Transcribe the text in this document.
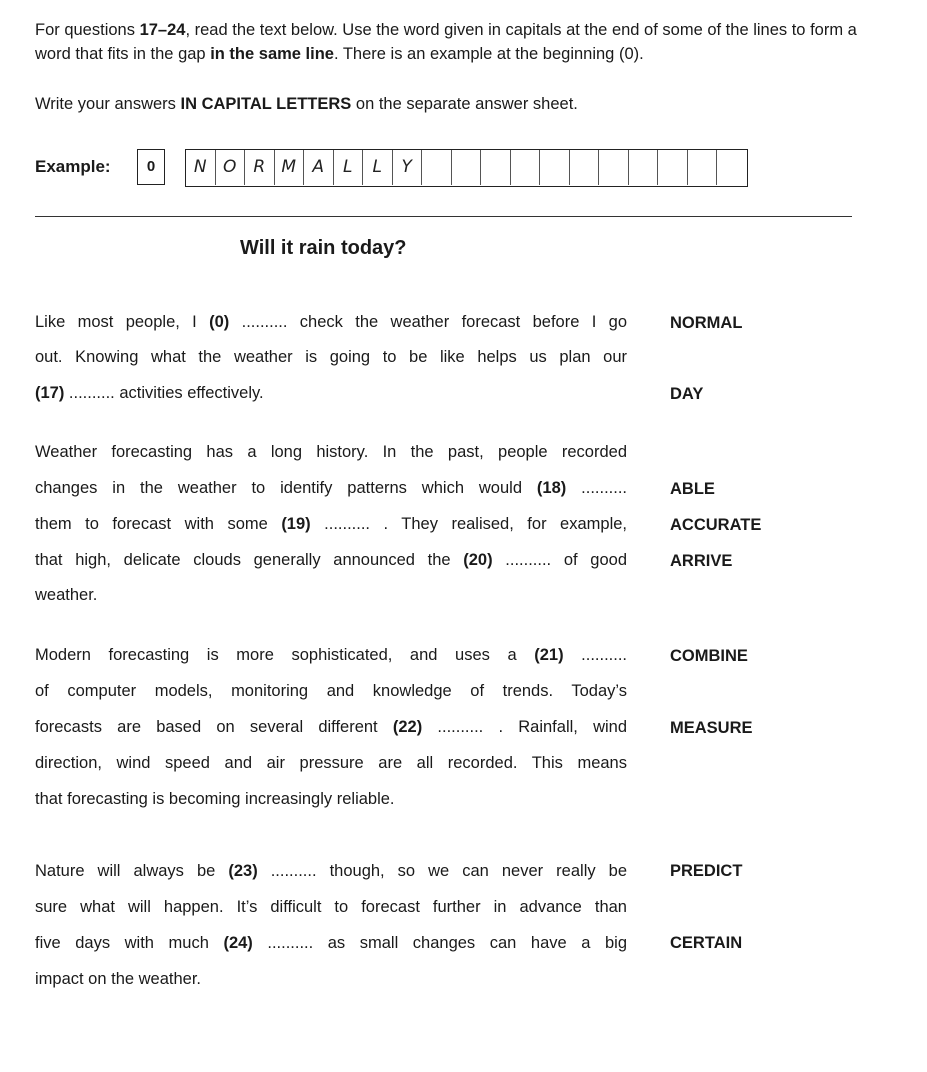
For questions 17–24, read the text below. Use the word given in capitals at the end of some of the lines to form a word that fits in the gap in the same line. There is an example at the beginning (0).
Write your answers IN CAPITAL LETTERS on the separate answer sheet.
Example:	0	N O R M A	L	L	Y
Will it rain today?
Like most people, I (0) .......... check the weather forecast before I go
out. Knowing what the weather is going to be like helps us plan our
(17) .......... activities effectively.
Weather forecasting has a long history. In the past, people recorded
changes in the weather to identify patterns which would (18) ..........
them to forecast with some (19) .......... . They realised, for example,
that high, delicate clouds generally announced the (20) .......... of good
weather.
Modern forecasting is more sophisticated, and uses a (21) ..........
of computer models, monitoring and knowledge of trends. Today’s
forecasts are based on several different (22) .......... . Rainfall, wind
direction, wind speed and air pressure are all recorded. This means
that forecasting is becoming increasingly reliable.
Nature will always be (23) .......... though, so we can never really be
sure what will happen. It’s difficult to forecast further in advance than
five days with much (24) .......... as small changes can have a big
impact on the weather.
NORMAL
DAY
ABLE
ACCURATE
ARRIVE
COMBINE
MEASURE
PREDICT
CERTAIN
